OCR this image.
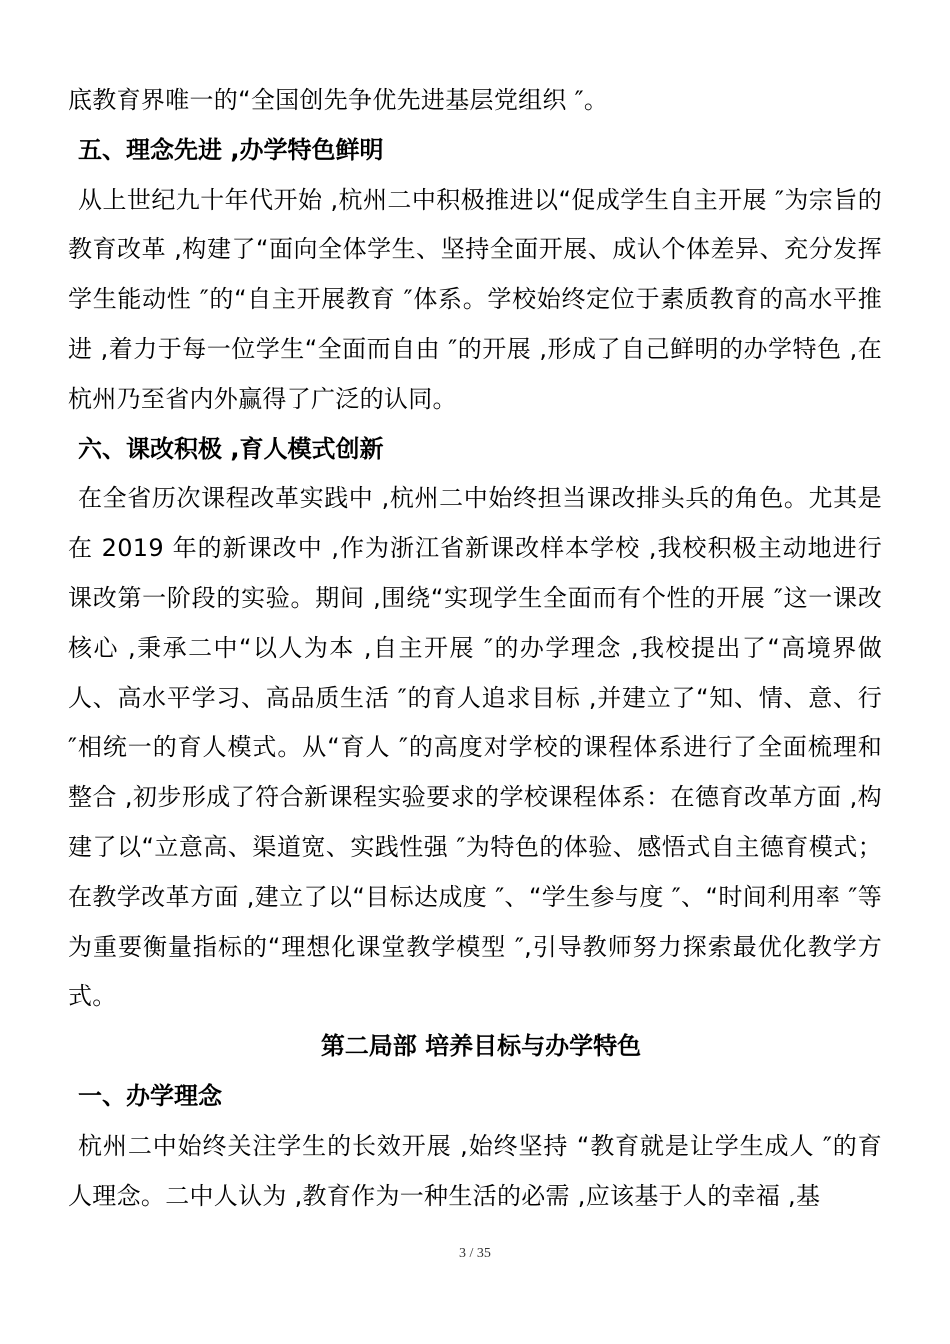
底教育界唯一的“全国创先争优先进基层党组织 ″。

五、理念先进 ,办学特色鲜明

从上世纪九十年代开始 ,杭州二中积极推进以“促成学生自主开展 ″为宗旨的教育改革 ,构建了“面向全体学生、坚持全面开展、成认个体差异、充分发挥学生能动性 ″的“自主开展教育 ″体系。学校始终定位于素质教育的高水平推进 ,着力于每一位学生“全面而自由 ″的开展 ,形成了自己鲜明的办学特色 ,在杭州乃至省内外赢得了广泛的认同。

六、课改积极 ,育人模式创新

在全省历次课程改革实践中 ,杭州二中始终担当课改排头兵的角色。尤其是在 2019 年的新课改中 ,作为浙江省新课改样本学校 ,我校积极主动地进行课改第一阶段的实验。期间 ,围绕“实现学生全面而有个性的开展 ″这一课改核心 ,秉承二中“以人为本 ,自主开展 ″的办学理念 ,我校提出了“高境界做人、高水平学习、高品质生活 ″的育人追求目标 ,并建立了“知、情、意、行 ″相统一的育人模式。从“育人 ″的高度对学校的课程体系进行了全面梳理和整合 ,初步形成了符合新课程实验要求的学校课程体系：在德育改革方面 ,构建了以“立意高、渠道宽、实践性强 ″为特色的体验、感悟式自主德育模式；在教学改革方面 ,建立了以“目标达成度 ″、“学生参与度 ″、“时间利用率 ″等为重要衡量指标的“理想化课堂教学模型 ″,引导教师努力探索最优化教学方式。

第二局部 培养目标与办学特色

一、办学理念

杭州二中始终关注学生的长效开展 ,始终坚持 “教育就是让学生成人 ″的育人理念。二中人认为 ,教育作为一种生活的必需 ,应该基于人的幸福 ,基

3 / 35
